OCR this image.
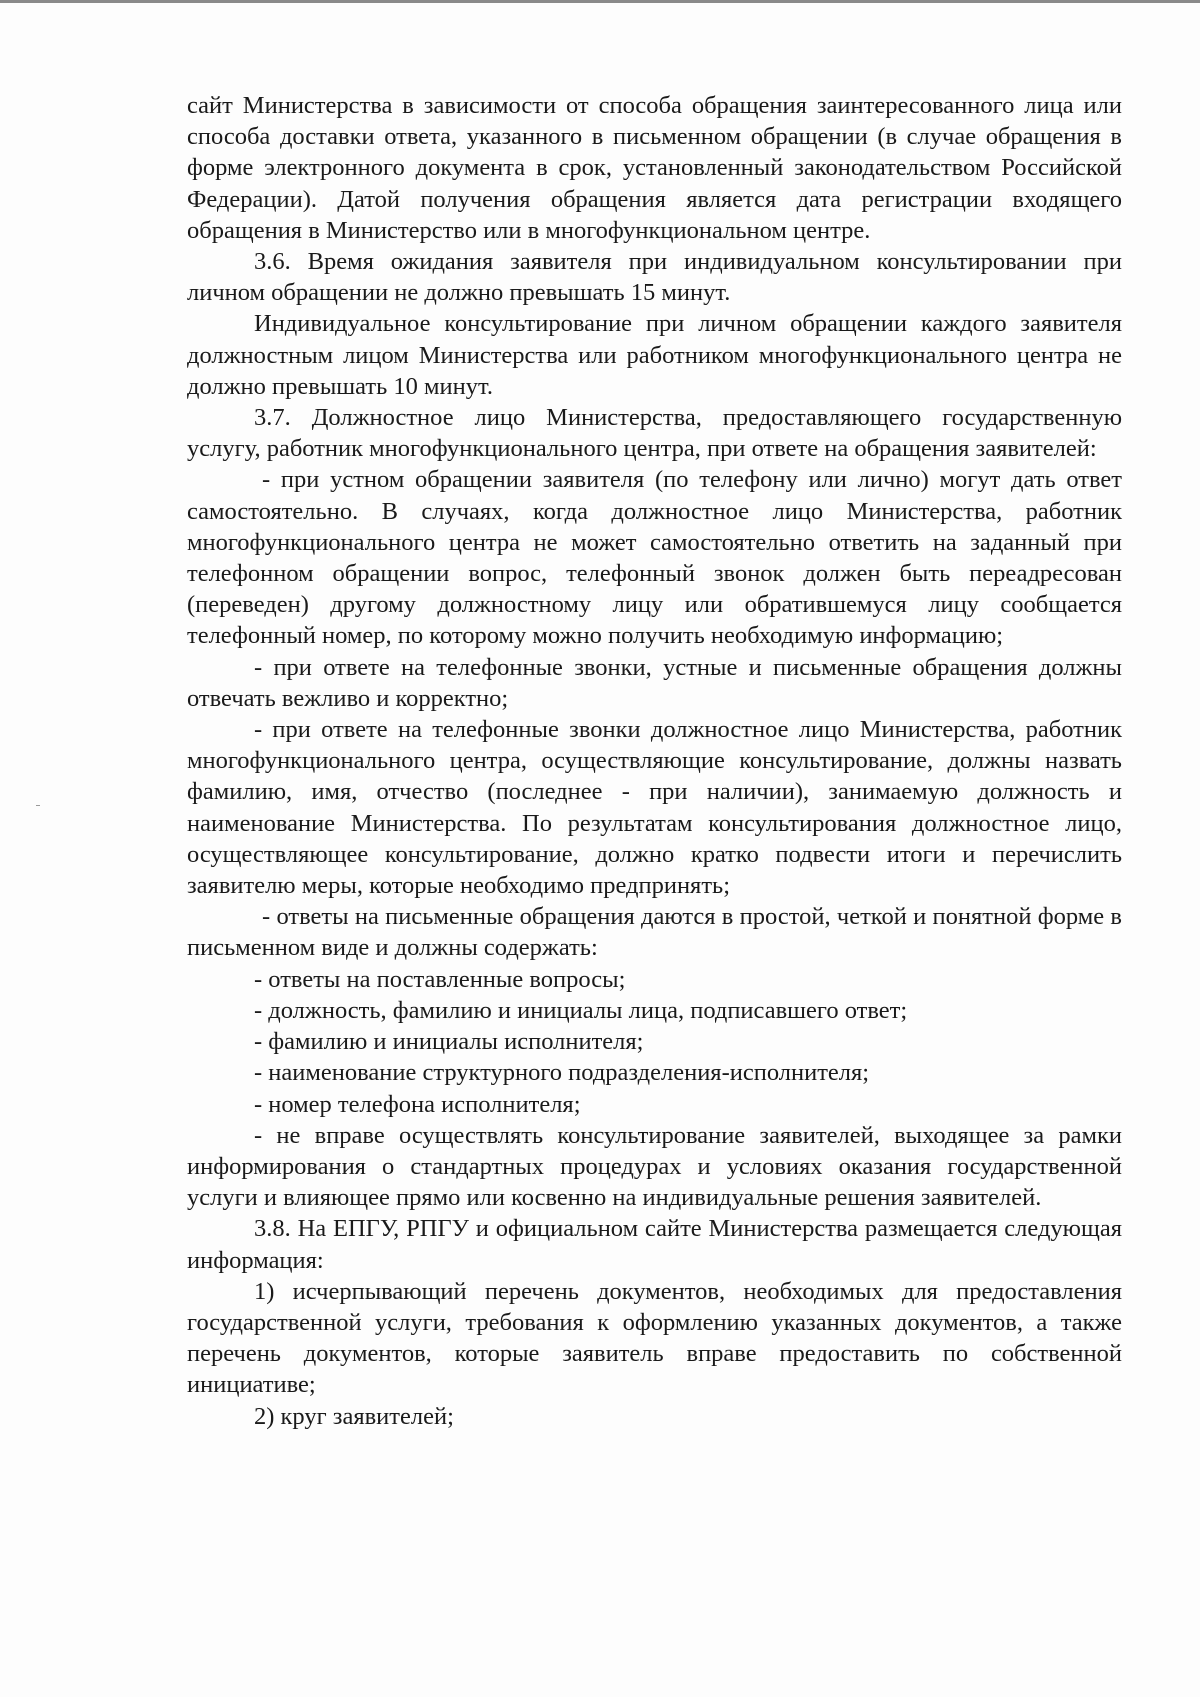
сайт Министерства в зависимости от способа обращения заинтересованного лица или способа доставки ответа, указанного в письменном обращении (в случае обращения в форме электронного документа в срок, установленный законодательством Российской Федерации). Датой получения обращения является дата регистрации входящего обращения в Министерство или в многофункциональном центре.

3.6. Время ожидания заявителя при индивидуальном консультировании при личном обращении не должно превышать 15 минут.

Индивидуальное консультирование при личном обращении каждого заявителя должностным лицом Министерства или работником многофункционального центра не должно превышать 10 минут.

3.7. Должностное лицо Министерства, предоставляющего государственную услугу, работник многофункционального центра, при ответе на обращения заявителей:

- при устном обращении заявителя (по телефону или лично) могут дать ответ самостоятельно. В случаях, когда должностное лицо Министерства, работник многофункционального центра не может самостоятельно ответить на заданный при телефонном обращении вопрос, телефонный звонок должен быть переадресован (переведен) другому должностному лицу или обратившемуся лицу сообщается телефонный номер, по которому можно получить необходимую информацию;

- при ответе на телефонные звонки, устные и письменные обращения должны отвечать вежливо и корректно;

- при ответе на телефонные звонки должностное лицо Министерства, работник многофункционального центра, осуществляющие консультирование, должны назвать фамилию, имя, отчество (последнее - при наличии), занимаемую должность и наименование Министерства. По результатам консультирования должностное лицо, осуществляющее консультирование, должно кратко подвести итоги и перечислить заявителю меры, которые необходимо предпринять;

- ответы на письменные обращения даются в простой, четкой и понятной форме в письменном виде и должны содержать:

- ответы на поставленные вопросы;

- должность, фамилию и инициалы лица, подписавшего ответ;

- фамилию и инициалы исполнителя;

- наименование структурного подразделения-исполнителя;

- номер телефона исполнителя;

- не вправе осуществлять консультирование заявителей, выходящее за рамки информирования о стандартных процедурах и условиях оказания государственной услуги и влияющее прямо или косвенно на индивидуальные решения заявителей.

3.8. На ЕПГУ, РПГУ и официальном сайте Министерства размещается следующая информация:

1) исчерпывающий перечень документов, необходимых для предоставления государственной услуги, требования к оформлению указанных документов, а также перечень документов, которые заявитель вправе предоставить по собственной инициативе;

2) круг заявителей;
